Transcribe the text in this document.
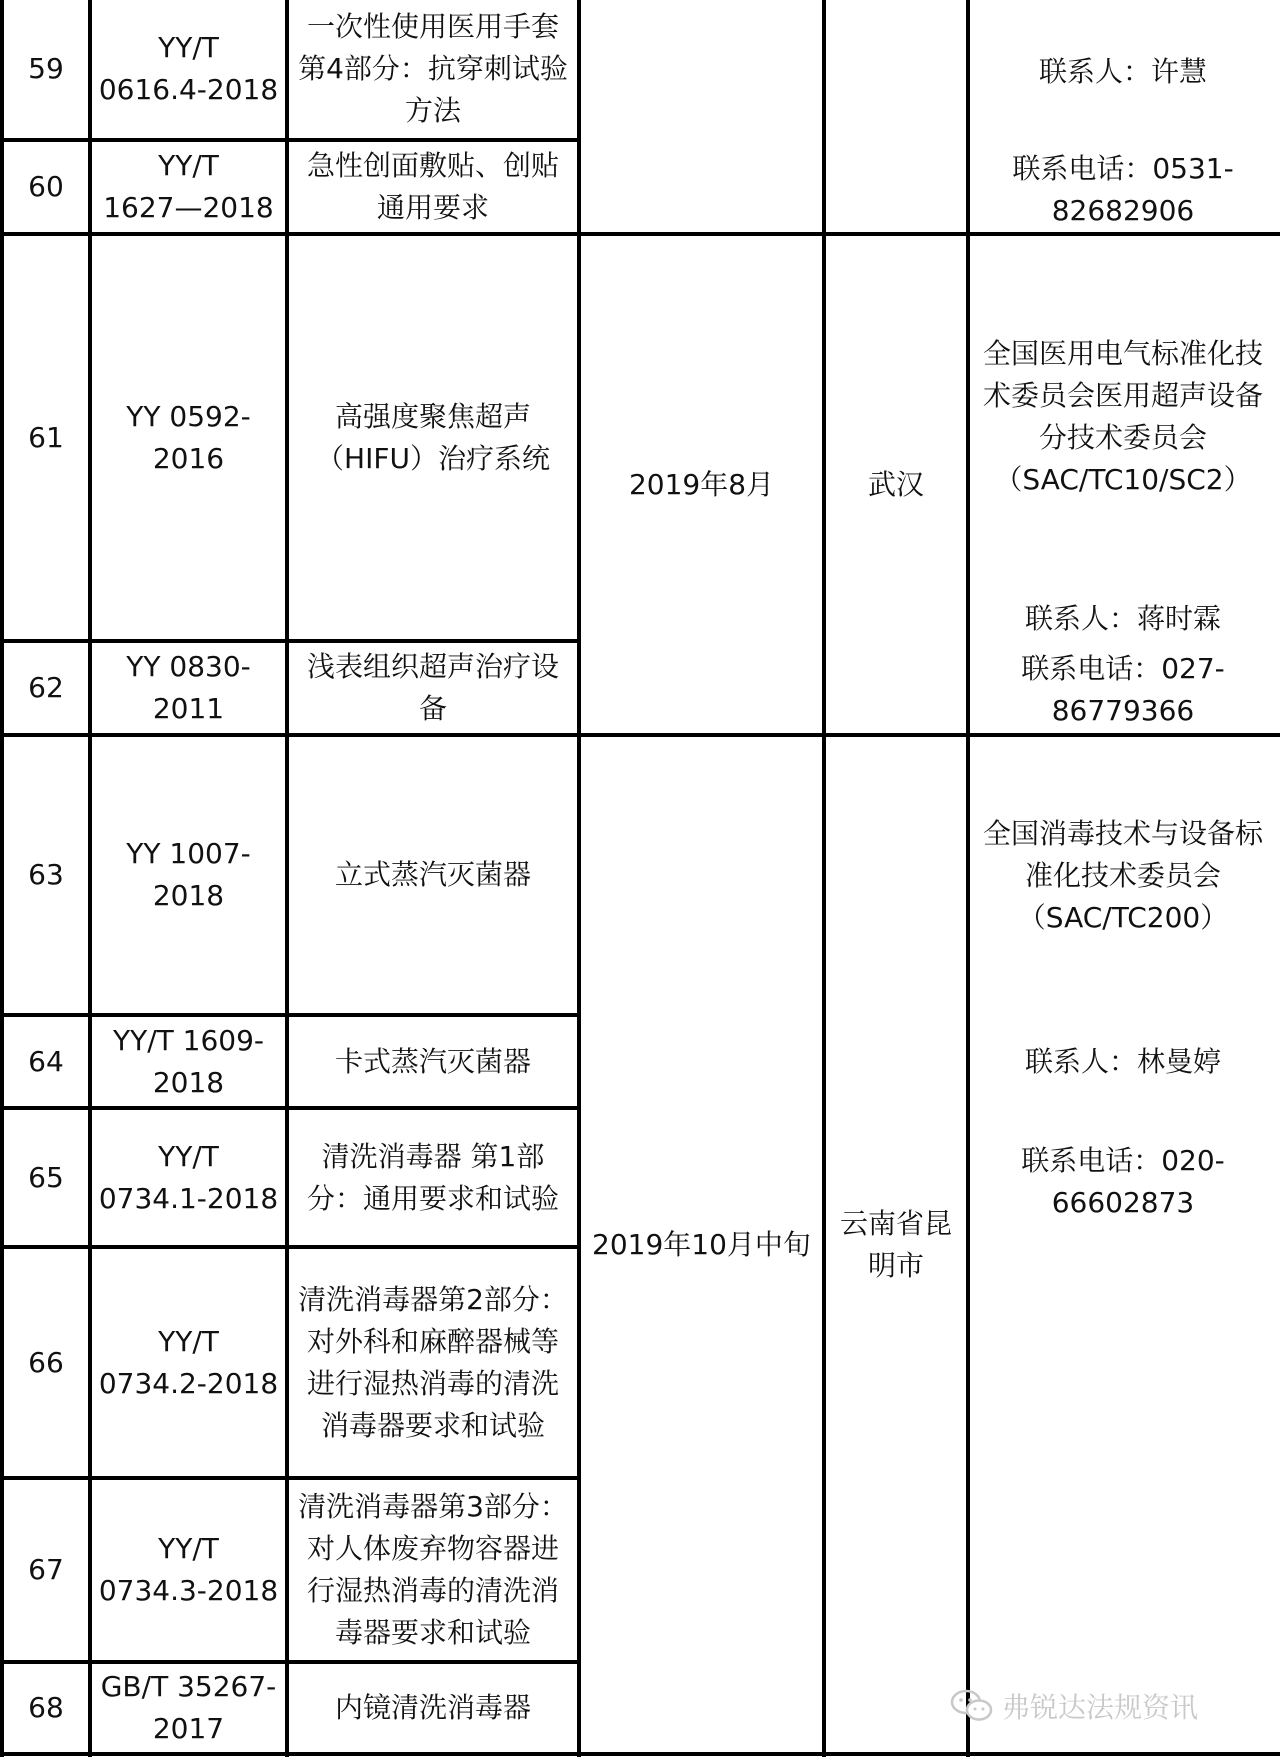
59
YY/T
0616.4-2018
一次性使用医用手套第4部分：抗穿刺试验方法
60
YY/T
1627—2018
急性创面敷贴、创贴通用要求
联系人：许慧
联系电话：0531-82682906
61
YY 0592-
2016
高强度聚焦超声（HIFU）治疗系统
62
YY 0830-
2011
浅表组织超声治疗设备
2019年8月	武汉
全国医用电气标准化技术委员会医用超声设备分技术委员会（SAC/TC10/SC2）
联系人：蒋时霖
联系电话：027-86779366
63
YY 1007-
2018
立式蒸汽灭菌器
64
YY/T 1609-
2018
卡式蒸汽灭菌器
65
YY/T
0734.1-2018
清洗消毒器 第1部分：通用要求和试验
66
YY/T
0734.2-2018
清洗消毒器第2部分：对外科和麻醉器械等进行湿热消毒的清洗消毒器要求和试验
67
YY/T
0734.3-2018
清洗消毒器第3部分：对人体废弃物容器进行湿热消毒的清洗消毒器要求和试验
68
GB/T 35267-
2017
内镜清洗消毒器
2019年10月中旬
云南省昆明市
全国消毒技术与设备标准化技术委员会（SAC/TC200）
联系人：林曼婷
联系电话：020-66602873
弗锐达法规资讯
